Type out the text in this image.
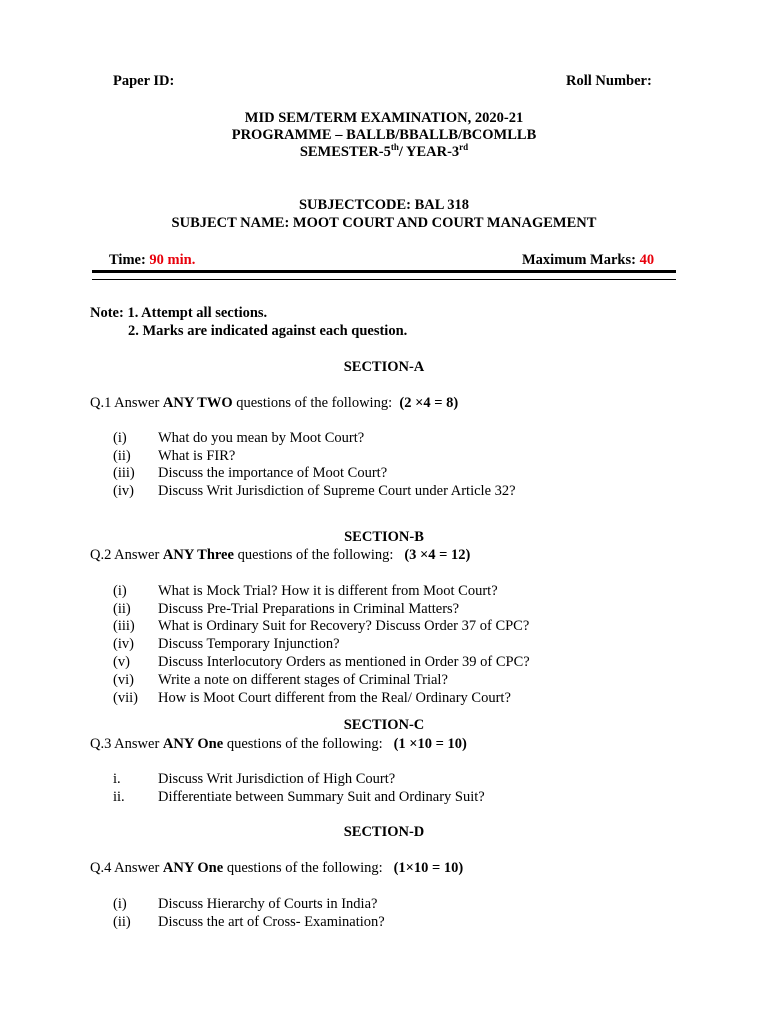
Paper ID:	Roll Number:
MID SEM/TERM EXAMINATION, 2020-21
PROGRAMME – BALLB/BBALLB/BCOMLLB
SEMESTER-5th/ YEAR-3rd
SUBJECTCODE: BAL 318
SUBJECT NAME: MOOT COURT AND COURT MANAGEMENT
Time: 90 min.	Maximum Marks: 40
Note: 1. Attempt all sections.
2. Marks are indicated against each question.
SECTION-A
Q.1 Answer ANY TWO questions of the following:  (2 ×4 = 8)
(i) What do you mean by Moot Court?
(ii) What is FIR?
(iii) Discuss the importance of Moot Court?
(iv) Discuss Writ Jurisdiction of Supreme Court under Article 32?
SECTION-B
Q.2 Answer ANY Three questions of the following:   (3 ×4 = 12)
(i) What is Mock Trial? How it is different from Moot Court?
(ii) Discuss Pre-Trial Preparations in Criminal Matters?
(iii) What is Ordinary Suit for Recovery? Discuss Order 37 of CPC?
(iv) Discuss Temporary Injunction?
(v) Discuss Interlocutory Orders as mentioned in Order 39 of CPC?
(vi) Write a note on different stages of Criminal Trial?
(vii) How is Moot Court different from the Real/ Ordinary Court?
SECTION-C
Q.3 Answer ANY One questions of the following:   (1 ×10 = 10)
i.	Discuss Writ Jurisdiction of High Court?
ii. Differentiate between Summary Suit and Ordinary Suit?
SECTION-D
Q.4 Answer ANY One questions of the following:   (1×10 = 10)
(i) Discuss Hierarchy of Courts in India?
(ii) Discuss the art of Cross- Examination?
